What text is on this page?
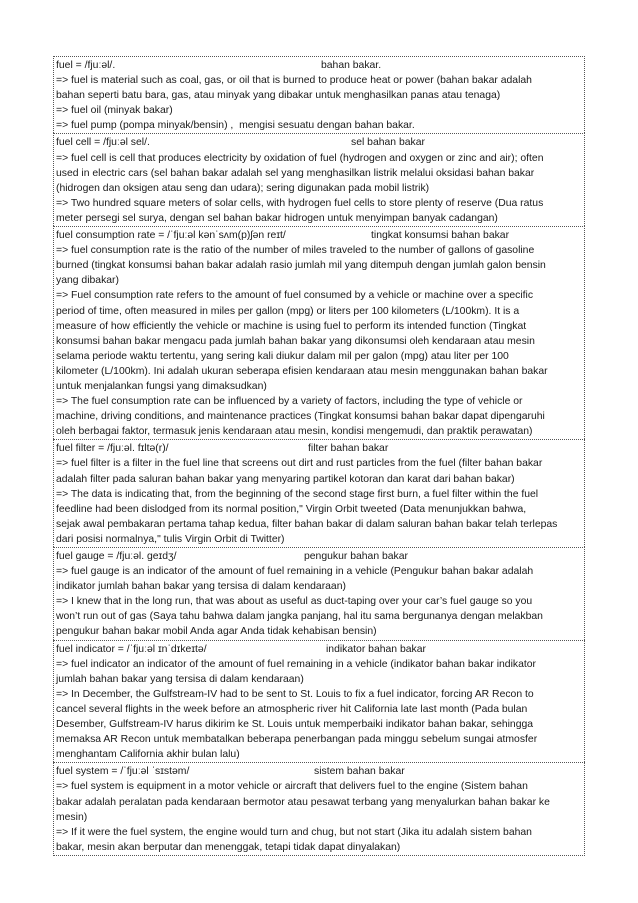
fuel = /fjuːəl/.	bahan bakar.
=> fuel is material such as coal, gas, or oil that is burned to produce heat or power (bahan bakar adalah
bahan seperti batu bara, gas, atau minyak yang dibakar untuk menghasilkan panas atau tenaga)
=> fuel oil (minyak bakar)
=> fuel pump (pompa minyak/bensin) ,  mengisi sesuatu dengan bahan bakar.
fuel cell = /fjuːəl sel/.	sel bahan bakar
=> fuel cell is cell that produces electricity by oxidation of fuel (hydrogen and oxygen or zinc and air); often
used in electric cars (sel bahan bakar adalah sel yang menghasilkan listrik melalui oksidasi bahan bakar
(hidrogen dan oksigen atau seng dan udara); sering digunakan pada mobil listrik)
=> Two hundred square meters of solar cells, with hydrogen fuel cells to store plenty of reserve (Dua ratus
meter persegi sel surya, dengan sel bahan bakar hidrogen untuk menyimpan banyak cadangan)
fuel consumption rate = /ˈfjuːəl kənˈsʌm(p)ʃən reɪt/	tingkat konsumsi bahan bakar
=> fuel consumption rate is the ratio of the number of miles traveled to the number of gallons of gasoline
burned (tingkat konsumsi bahan bakar adalah rasio jumlah mil yang ditempuh dengan jumlah galon bensin
yang dibakar)
=> Fuel consumption rate refers to the amount of fuel consumed by a vehicle or machine over a specific
period of time, often measured in miles per gallon (mpg) or liters per 100 kilometers (L/100km). It is a
measure of how efficiently the vehicle or machine is using fuel to perform its intended function (Tingkat
konsumsi bahan bakar mengacu pada jumlah bahan bakar yang dikonsumsi oleh kendaraan atau mesin
selama periode waktu tertentu, yang sering kali diukur dalam mil per galon (mpg) atau liter per 100
kilometer (L/100km). Ini adalah ukuran seberapa efisien kendaraan atau mesin menggunakan bahan bakar
untuk menjalankan fungsi yang dimaksudkan)
=> The fuel consumption rate can be influenced by a variety of factors, including the type of vehicle or
machine, driving conditions, and maintenance practices (Tingkat konsumsi bahan bakar dapat dipengaruhi
oleh berbagai faktor, termasuk jenis kendaraan atau mesin, kondisi mengemudi, dan praktik perawatan)
fuel filter = /fjuːəl. fɪltə(r)/	filter bahan bakar
=> fuel filter is a filter in the fuel line that screens out dirt and rust particles from the fuel (filter bahan bakar
adalah filter pada saluran bahan bakar yang menyaring partikel kotoran dan karat dari bahan bakar)
=> The data is indicating that, from the beginning of the second stage first burn, a fuel filter within the fuel
feedline had been dislodged from its normal position," Virgin Orbit tweeted (Data menunjukkan bahwa,
sejak awal pembakaran pertama tahap kedua, filter bahan bakar di dalam saluran bahan bakar telah terlepas
dari posisi normalnya," tulis Virgin Orbit di Twitter)
fuel gauge = /fjuːəl. ɡeɪdʒ/	pengukur bahan bakar
=> fuel gauge is an indicator of the amount of fuel remaining in a vehicle (Pengukur bahan bakar adalah
indikator jumlah bahan bakar yang tersisa di dalam kendaraan)
=> I knew that in the long run, that was about as useful as duct-taping over your car’s fuel gauge so you
won’t run out of gas (Saya tahu bahwa dalam jangka panjang, hal itu sama bergunanya dengan melakban
pengukur bahan bakar mobil Anda agar Anda tidak kehabisan bensin)
fuel indicator = /ˈfjuːəl ɪnˈdɪkeɪtə/	indikator bahan bakar
=> fuel indicator an indicator of the amount of fuel remaining in a vehicle (indikator bahan bakar indikator
jumlah bahan bakar yang tersisa di dalam kendaraan)
=> In December, the Gulfstream-IV had to be sent to St. Louis to fix a fuel indicator, forcing AR Recon to
cancel several flights in the week before an atmospheric river hit California late last month (Pada bulan
Desember, Gulfstream-IV harus dikirim ke St. Louis untuk memperbaiki indikator bahan bakar, sehingga
memaksa AR Recon untuk membatalkan beberapa penerbangan pada minggu sebelum sungai atmosfer
menghantam California akhir bulan lalu)
fuel system = /ˈfjuːəl ˈsɪstəm/	sistem bahan bakar
=> fuel system is equipment in a motor vehicle or aircraft that delivers fuel to the engine (Sistem bahan
bakar adalah peralatan pada kendaraan bermotor atau pesawat terbang yang menyalurkan bahan bakar ke
mesin)
=> If it were the fuel system, the engine would turn and chug, but not start (Jika itu adalah sistem bahan
bakar, mesin akan berputar dan menenggak, tetapi tidak dapat dinyalakan)
